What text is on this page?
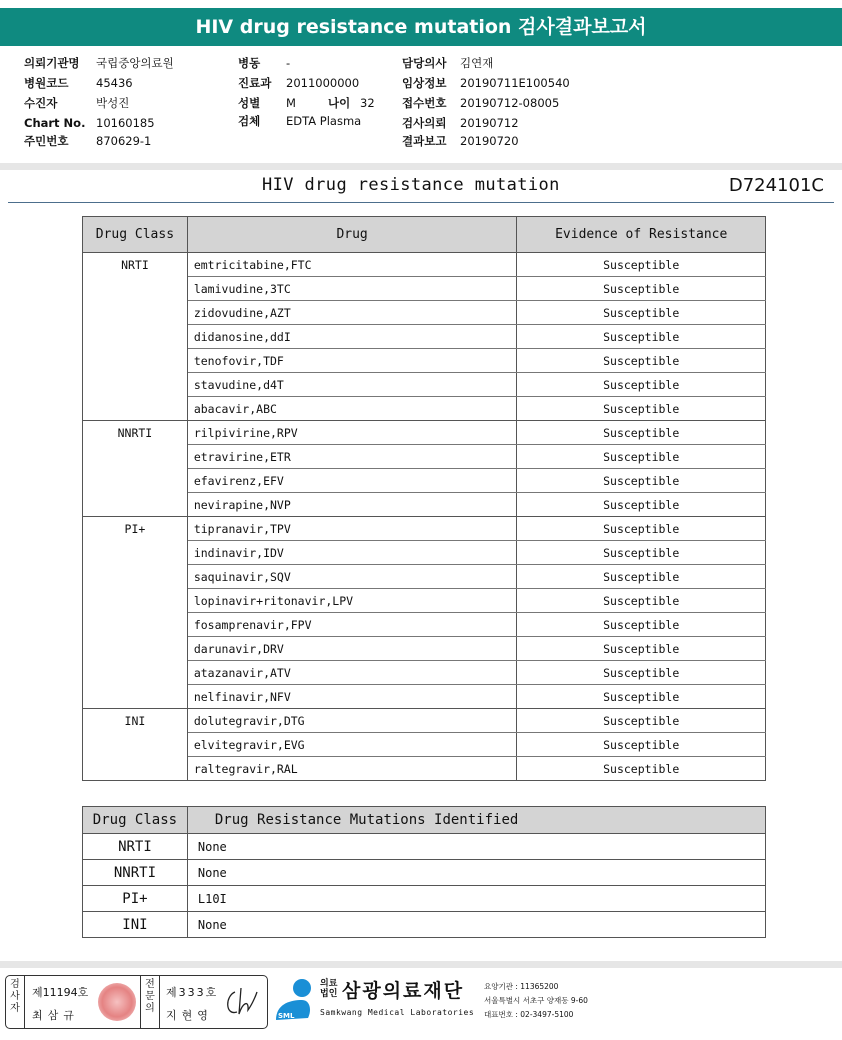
HIV drug resistance mutation 검사결과보고서
의뢰기관명 국립중앙의료원
병원코드 45436
수진자	박성진
Chart No. 10160185
주민번호 870629-1
병동 -
진료과 2011000000
성별 M	나이 32
검체 EDTA Plasma
담당의사 김연재
임상정보 20190711E100540
접수번호 20190712-08005
검사의뢰 20190712
결과보고 20190720
HIV drug resistance mutation	D724101C
Drug Class	Drug	Evidence of Resistance
NRTI	emtricitabine,FTC	Susceptible
	lamivudine,3TC	Susceptible
	zidovudine,AZT	Susceptible
	didanosine,ddI	Susceptible
	tenofovir,TDF	Susceptible
	stavudine,d4T	Susceptible
	abacavir,ABC	Susceptible
NNRTI	rilpivirine,RPV	Susceptible
	etravirine,ETR	Susceptible
	efavirenz,EFV	Susceptible
	nevirapine,NVP	Susceptible
PI+	tipranavir,TPV	Susceptible
	indinavir,IDV	Susceptible
	saquinavir,SQV	Susceptible
	lopinavir+ritonavir,LPV	Susceptible
	fosamprenavir,FPV	Susceptible
	darunavir,DRV	Susceptible
	atazanavir,ATV	Susceptible
	nelfinavir,NFV	Susceptible
INI	dolutegravir,DTG	Susceptible
	elvitegravir,EVG	Susceptible
	raltegravir,RAL	Susceptible
Drug Class	Drug Resistance Mutations Identified
NRTI	None
NNRTI	None
PI+	L10I
INI	None
검사자
제11194호
최삼규
전문의
제333호
지현영	SML
의료법인 삼광의료재단
Samkwang Medical Laboratories
요양기관 : 11365200
서울특별시 서초구 양재동 9-60
대표번호 : 02-3497-5100
